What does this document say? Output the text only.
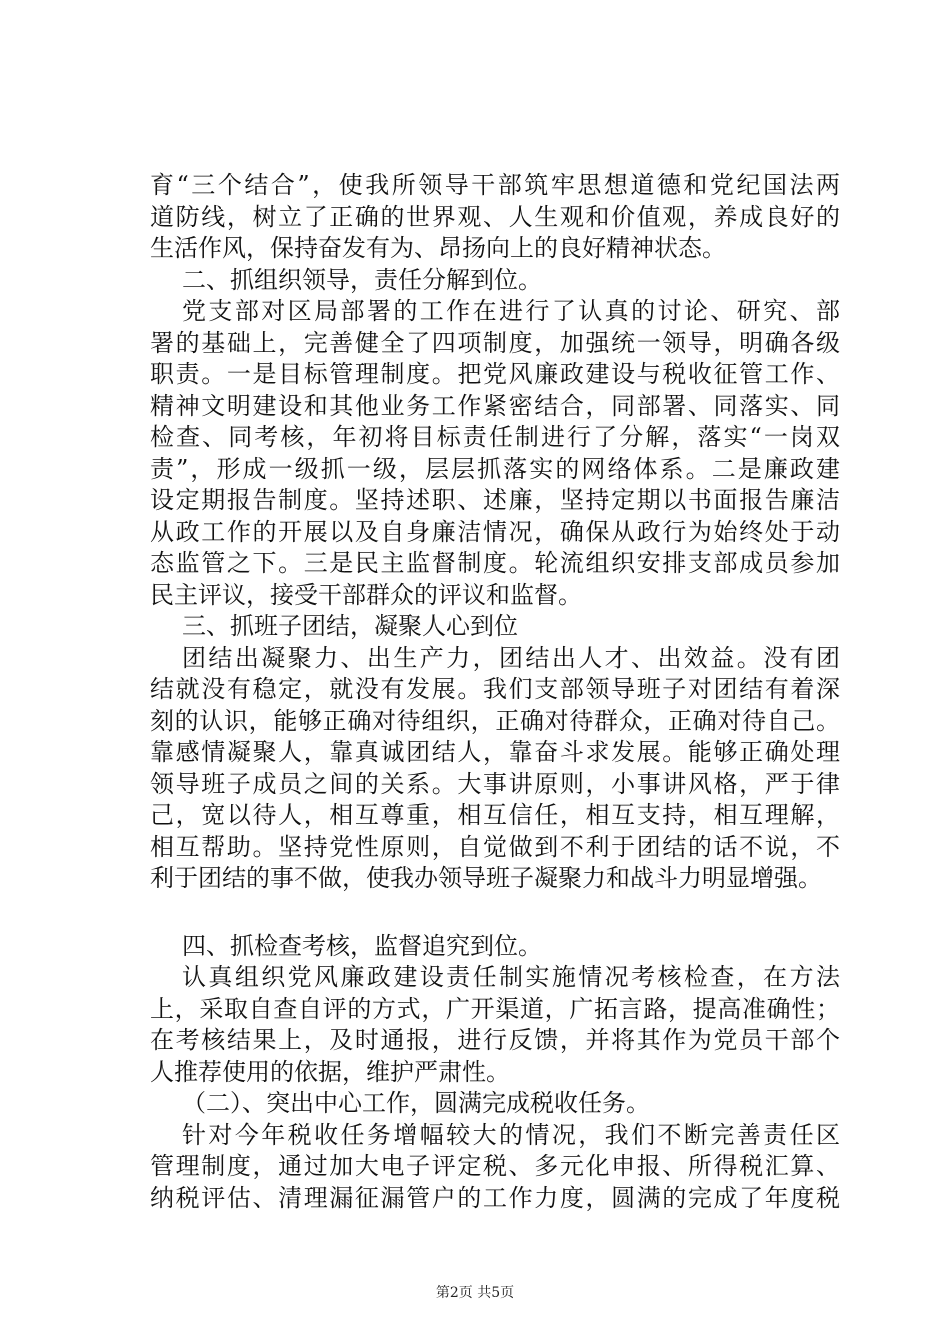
育“三个结合”，使我所领导干部筑牢思想道德和党纪国法两
道防线，树立了正确的世界观、人生观和价值观，养成良好的
生活作风，保持奋发有为、昂扬向上的良好精神状态。
二、抓组织领导，责任分解到位。
党支部对区局部署的工作在进行了认真的讨论、研究、部
署的基础上，完善健全了四项制度，加强统一领导，明确各级
职责。一是目标管理制度。把党风廉政建设与税收征管工作、
精神文明建设和其他业务工作紧密结合，同部署、同落实、同
检查、同考核，年初将目标责任制进行了分解，落实“一岗双
责”，形成一级抓一级，层层抓落实的网络体系。二是廉政建
设定期报告制度。坚持述职、述廉，坚持定期以书面报告廉洁
从政工作的开展以及自身廉洁情况，确保从政行为始终处于动
态监管之下。三是民主监督制度。轮流组织安排支部成员参加
民主评议，接受干部群众的评议和监督。
三、抓班子团结，凝聚人心到位
团结出凝聚力、出生产力，团结出人才、出效益。没有团
结就没有稳定，就没有发展。我们支部领导班子对团结有着深
刻的认识，能够正确对待组织，正确对待群众，正确对待自己。
靠感情凝聚人，靠真诚团结人，靠奋斗求发展。能够正确处理
领导班子成员之间的关系。大事讲原则，小事讲风格，严于律
己，宽以待人，相互尊重，相互信任，相互支持，相互理解，
相互帮助。坚持党性原则，自觉做到不利于团结的话不说，不
利于团结的事不做，使我办领导班子凝聚力和战斗力明显增强。
四、抓检查考核，监督追究到位。
认真组织党风廉政建设责任制实施情况考核检查，在方法
上，采取自查自评的方式，广开渠道，广拓言路，提高准确性；
在考核结果上，及时通报，进行反馈，并将其作为党员干部个
人推荐使用的依据，维护严肃性。
（二）、突出中心工作，圆满完成税收任务。
针对今年税收任务增幅较大的情况，我们不断完善责任区
管理制度，通过加大电子评定税、多元化申报、所得税汇算、
纳税评估、清理漏征漏管户的工作力度，圆满的完成了年度税
第2页 共5页
